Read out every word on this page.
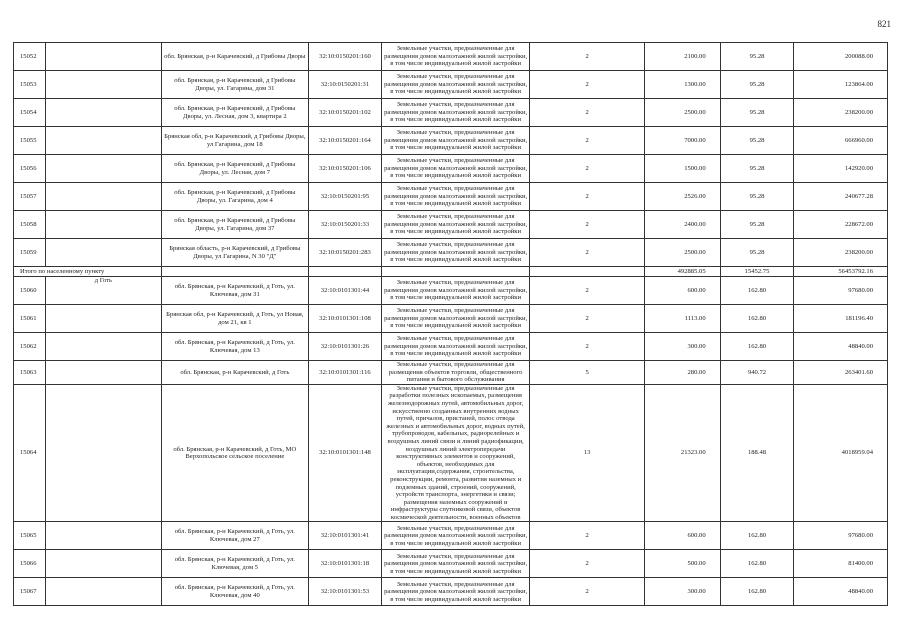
821
15052		обл. Брянская, р-н Карачевский, д Грибовы Дворы	32:10:0150201:160	Земельные участки, предназначенные для размещения домов малоэтажной жилой застройки, в том числе индивидуальной жилой застройки	2	2100.00	95.28	200088.00
15053		обл. Брянская, р-н Карачевский, д Грибовы Дворы, ул. Гагарина, дом 31	32:10:0150201:31	Земельные участки, предназначенные для размещения домов малоэтажной жилой застройки, в том числе индивидуальной жилой застройки	2	1300.00	95.28	123864.00
15054		обл. Брянская, р-н Карачевский, д Грибовы Дворы, ул. Лесная, дом 3, квартира 2	32:10:0150201:102	Земельные участки, предназначенные для размещения домов малоэтажной жилой застройки, в том числе индивидуальной жилой застройки	2	2500.00	95.28	238200.00
15055		Брянская обл, р-н Карачевский, д Грибовы Дворы, ул Гагарина, дом 18	32:10:0150201:164	Земельные участки, предназначенные для размещения домов малоэтажной жилой застройки, в том числе индивидуальной жилой застройки	2	7000.00	95.28	666960.00
15056		обл. Брянская, р-н Карачевский, д Грибовы Дворы, ул. Лесная, дом 7	32:10:0150201:106	Земельные участки, предназначенные для размещения домов малоэтажной жилой застройки, в том числе индивидуальной жилой застройки	2	1500.00	95.28	142920.00
15057		обл. Брянская, р-н Карачевский, д Грибовы Дворы, ул. Гагарина, дом 4	32:10:0150201:95	Земельные участки, предназначенные для размещения домов малоэтажной жилой застройки, в том числе индивидуальной жилой застройки	2	2526.00	95.28	240677.28
15058		обл. Брянская, р-н Карачевский, д Грибовы Дворы, ул. Гагарина, дом 37	32:10:0150201:33	Земельные участки, предназначенные для размещения домов малоэтажной жилой застройки, в том числе индивидуальной жилой застройки	2	2400.00	95.28	228672.00
15059		Брянская область, р-н Карачевский, д Грибовы Дворы, ул Гагарина, N 30 "Д"	32:10:0150201:283	Земельные участки, предназначенные для размещения домов малоэтажной жилой застройки, в том числе индивидуальной жилой застройки	2	2500.00	95.28	238200.00
Итого по населенному пункту						492885.05	15452.75	56453792.16
15060	д Готь	обл. Брянская, р-н Карачевский, д Готь, ул. Ключевая, дом 31	32:10:0101301:44	Земельные участки, предназначенные для размещения домов малоэтажной жилой застройки, в том числе индивидуальной жилой застройки	2	600.00	162.80	97680.00
15061		Брянская обл, р-н Карачевский, д Готь, ул Новая, дом 21, кв 1	32:10:0101301:108	Земельные участки, предназначенные для размещения домов малоэтажной жилой застройки, в том числе индивидуальной жилой застройки	2	1113.00	162.80	181196.40
15062		обл. Брянская, р-н Карачевский, д Готь, ул. Ключевая, дом 13	32:10:0101301:26	Земельные участки, предназначенные для размещения домов малоэтажной жилой застройки, в том числе индивидуальной жилой застройки	2	300.00	162.80	48840.00
15063		обл. Брянская, р-н Карачевский, д Готь	32:10:0101301:116	Земельные участки, предназначенные для размещения объектов торговли, общественного питания и бытового обслуживания	5	280.00	940.72	263401.60
15064		обл. Брянская, р-н Карачевский, д Готь, МО Верхопольское сельское поселение	32:10:0101301:148	Земельные участки, предназначенные для разработки полезных ископаемых, размещения железнодорожных путей, автомобильных дорог, искусственно созданных внутренних водных путей, причалов, пристаней, полос отвода железных и автомобильных дорог, водных путей, трубопроводов, кабельных, радиорелейных и воздушных линий связи и линий радиофикации, воздушных линий электропередачи конструктивных элементов и сооружений, объектов, необходимых для эксплуатации,содержания, строительства, реконструкции, ремонта, развития наземных и подземных зданий, строений, сооружений, устройств транспорта, энергетики и связи; размещения наземных сооружений и инфраструктуры спутниковой связи, объектов космической деятельности, военных объектов	13	21323.00	188.48	4018959.04
15065		обл. Брянская, р-н Карачевский, д Готь, ул. Ключевая, дом 27	32:10:0101301:41	Земельные участки, предназначенные для размещения домов малоэтажной жилой застройки, в том числе индивидуальной жилой застройки	2	600.00	162.80	97680.00
15066		обл. Брянская, р-н Карачевский, д Готь, ул. Ключевая, дом 5	32:10:0101301:18	Земельные участки, предназначенные для размещения домов малоэтажной жилой застройки, в том числе индивидуальной жилой застройки	2	500.00	162.80	81400.00
15067		обл. Брянская, р-н Карачевский, д Готь, ул. Ключевая, дом 40	32:10:0101301:53	Земельные участки, предназначенные для размещения домов малоэтажной жилой застройки, в том числе индивидуальной жилой застройки	2	300.00	162.80	48840.00
